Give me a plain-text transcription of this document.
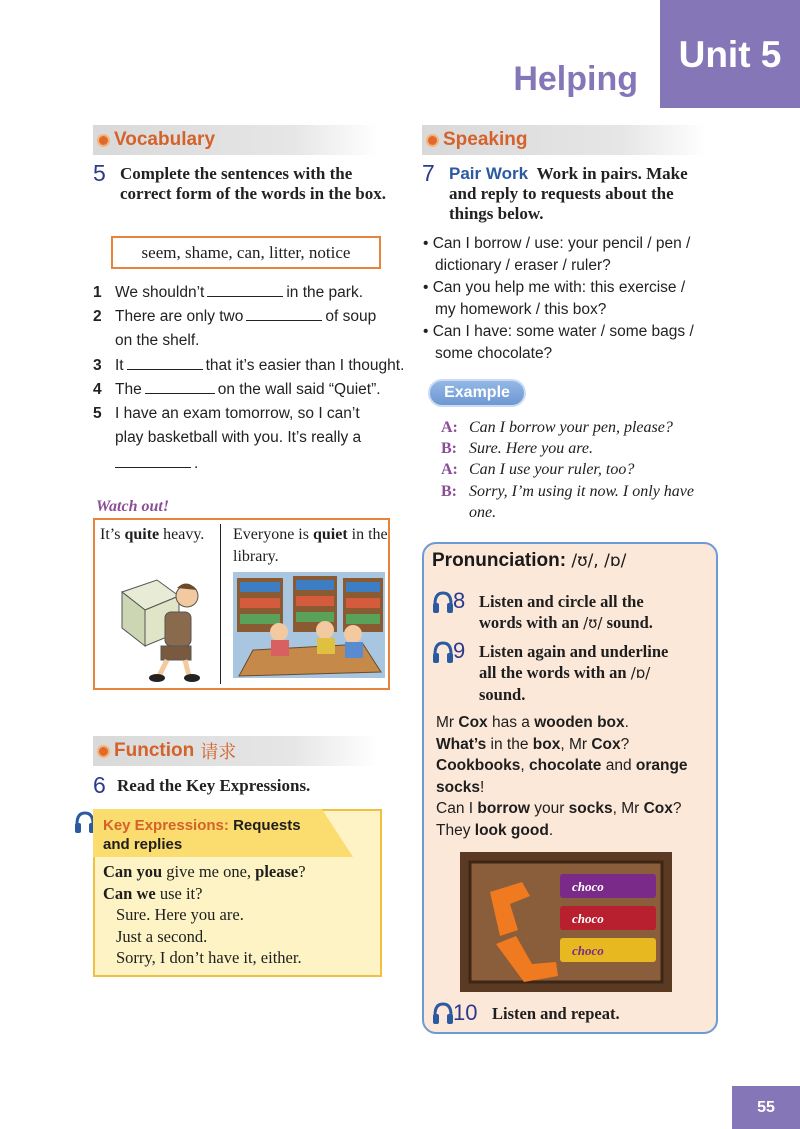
Unit 5
Helping
Vocabulary
5 Complete the sentences with the correct form of the words in the box.
seem, shame, can, litter, notice
1 We shouldn’t	in the park.
2 There are only two	of soup
on the shelf.
3 It	that it’s easier than I thought.
4 The	on the wall said “Quiet”.
5 I have an exam tomorrow, so I can’t
play basketball with you. It’s really a
.
Watch out!
It’s quite heavy. Everyone is quiet in the library.
Function 请求
6 Read the Key Expressions.
Key Expressions: Requests
and replies
Can you give me one, please?
Can we use it?
Sure. Here you are.
Just a second.
Sorry, I don’t have it, either.
Speaking
7 Pair Work Work in pairs. Make and reply to requests about the things below.
• Can I borrow / use: your pencil / pen /
dictionary / eraser / ruler?
• Can you help me with: this exercise /
my homework / this box?
• Can I have: some water / some bags /
some chocolate?
Example
A: Can I borrow your pen, please?
B: Sure. Here you are.
A: Can I use your ruler, too?
B: Sorry, I’m using it now. I only have
one.
Pronunciation: /ʊ/, /ɒ/
8 Listen and circle all the
words with an /ʊ/ sound.
9 Listen again and underline
all the words with an /ɒ/
sound.
Mr Cox has a wooden box.
What’s in the box, Mr Cox?
Cookbooks, chocolate and orange
socks!
Can I borrow your socks, Mr Cox?
They look good.
choco
choco
choco
10 Listen and repeat.
55
